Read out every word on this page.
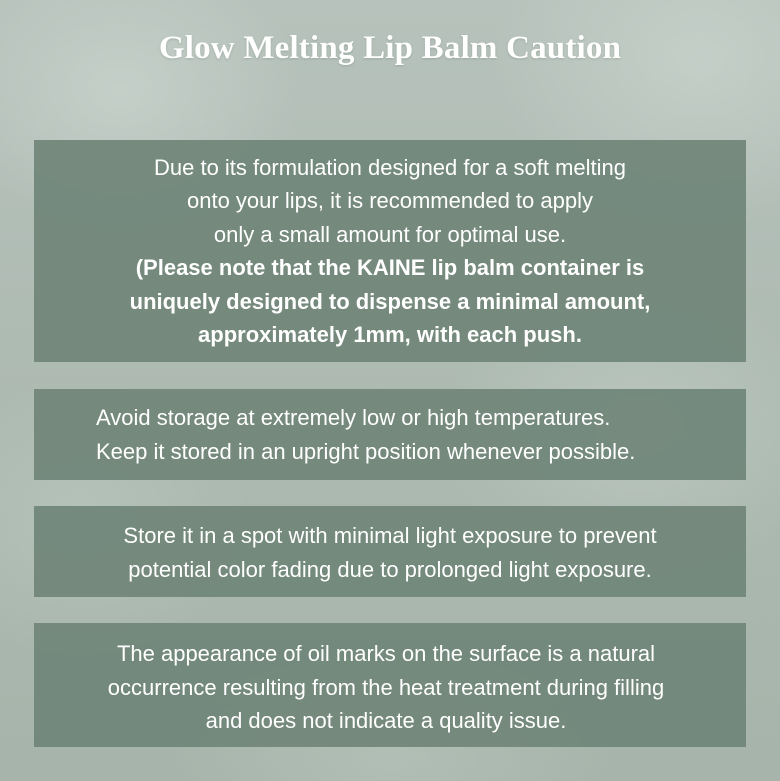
Glow Melting Lip Balm Caution
Due to its formulation designed for a soft melting
onto your lips, it is recommended to apply
only a small amount for optimal use.
(Please note that the KAINE lip balm container is
uniquely designed to dispense a minimal amount,
approximately 1mm, with each push.
Avoid storage at extremely low or high temperatures.
Keep it stored in an upright position whenever possible.
Store it in a spot with minimal light exposure to prevent
potential color fading due to prolonged light exposure.
The appearance of oil marks on the surface is a natural
occurrence resulting from the heat treatment during filling
and does not indicate a quality issue.
